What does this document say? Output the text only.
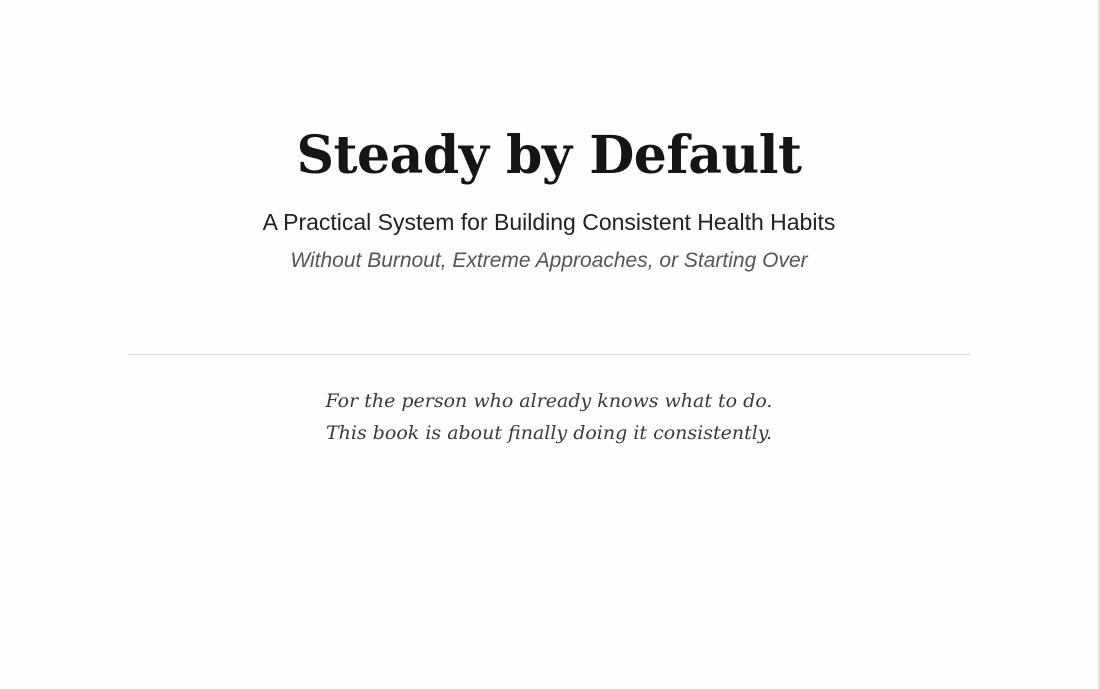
Steady by Default

A Practical System for Building Consistent Health Habits

Without Burnout, Extreme Approaches, or Starting Over

For the person who already knows what to do.
This book is about finally doing it consistently.
